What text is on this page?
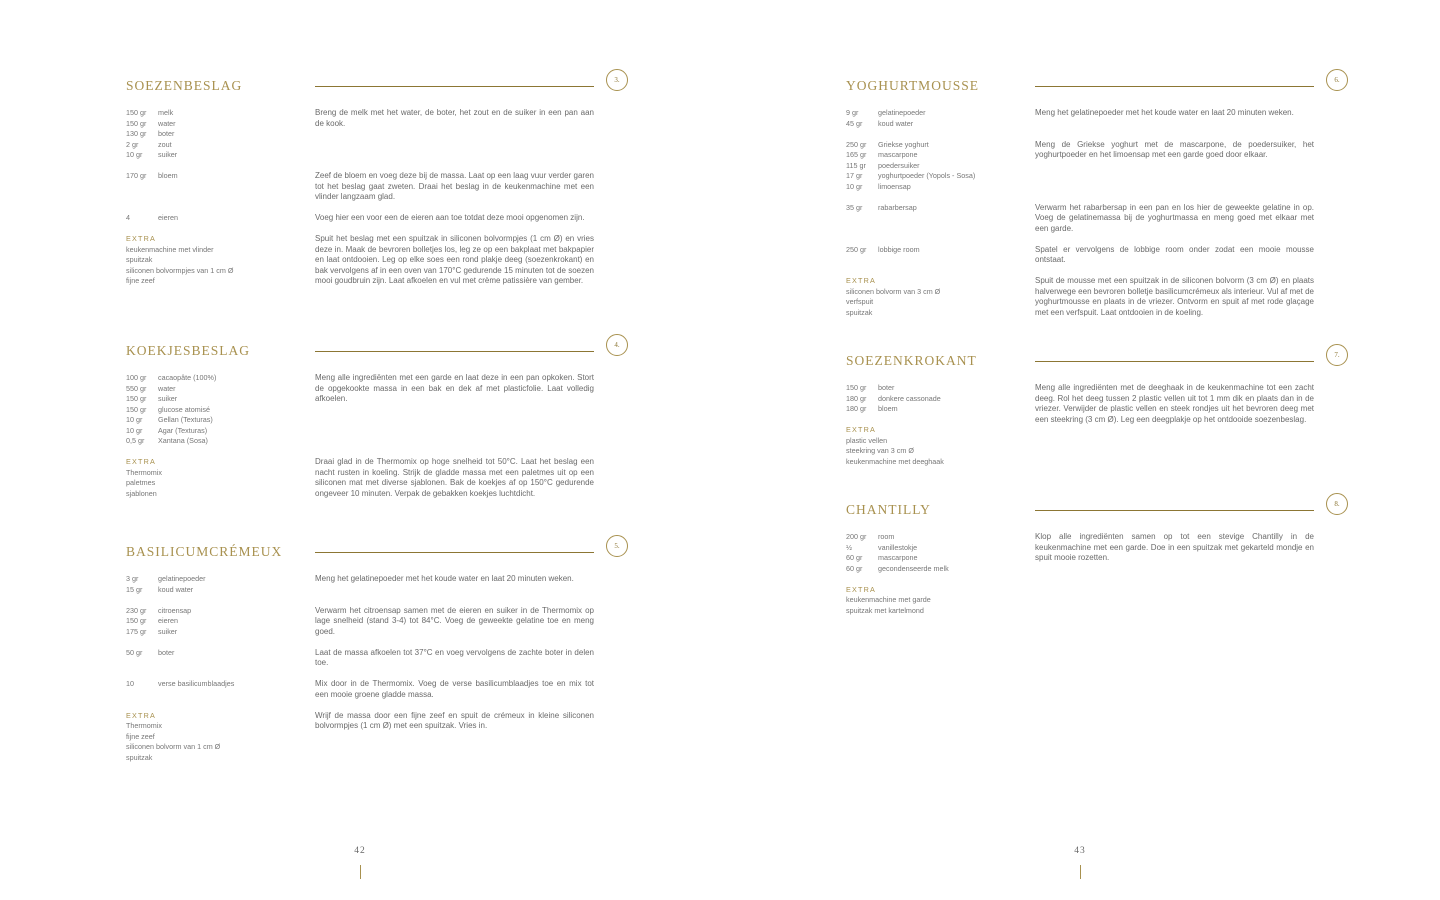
SOEZENBESLAG	3.
150 gr	melk
150 gr	water
130 gr	boter
2 gr	zout
10 gr	suiker
Breng de melk met het water, de boter, het zout en de suiker in een pan aan de kook.
170 gr	bloem	Zeef de bloem en voeg deze bij de massa. Laat op een laag vuur verder garen tot het beslag gaat zweten. Draai het beslag in de keukenmachine met een vlinder langzaam glad.
4	eieren	Voeg hier een voor een de eieren aan toe totdat deze mooi opgenomen zijn.
EXTRA
keukenmachine met vlinder
spuitzak
siliconen bolvormpjes van 1 cm Ø
fijne zeef
Spuit het beslag met een spuitzak in siliconen bolvormpjes (1 cm Ø) en vries deze in. Maak de bevroren bolletjes los, leg ze op een bakplaat met bakpapier en laat ontdooien. Leg op elke soes een rond plakje deeg (soezenkrokant) en bak vervolgens af in een oven van 170°C gedurende 15 minuten tot de soezen mooi goudbruin zijn. Laat afkoelen en vul met crème patissière van gember.
KOEKJESBESLAG	4.
100 gr	cacaopâte (100%)
550 gr	water
150 gr	suiker
150 gr	glucose atomisé
10 gr	Gellan (Texturas)
10 gr	Agar (Texturas)
0,5 gr	Xantana (Sosa)
Meng alle ingrediënten met een garde en laat deze in een pan opkoken. Stort de opgekookte massa in een bak en dek af met plasticfolie. Laat volledig afkoelen.
EXTRA
Thermomix
paletmes
sjablonen
Draai glad in de Thermomix op hoge snelheid tot 50°C. Laat het beslag een nacht rusten in koeling. Strijk de gladde massa met een paletmes uit op een siliconen mat met diverse sjablonen. Bak de koekjes af op 150°C gedurende ongeveer 10 minuten. Verpak de gebakken koekjes luchtdicht.
BASILICUMCRÉMEUX	5.
3 gr	gelatinepoeder
15 gr	koud water
Meng het gelatinepoeder met het koude water en laat 20 minuten weken.
230 gr	citroensap
150 gr	eieren
175 gr	suiker
Verwarm het citroensap samen met de eieren en suiker in de Thermomix op lage snelheid (stand 3-4) tot 84°C. Voeg de geweekte gelatine toe en meng goed.
50 gr	boter	Laat de massa afkoelen tot 37°C en voeg vervolgens de zachte boter in delen toe.
10	verse basilicumblaadjes	Mix door in de Thermomix. Voeg de verse basilicumblaadjes toe en mix tot een mooie groene gladde massa.
EXTRA
Thermomix
fijne zeef
siliconen bolvorm van 1 cm Ø
spuitzak
Wrijf de massa door een fijne zeef en spuit de crémeux in kleine siliconen bolvormpjes (1 cm Ø) met een spuitzak. Vries in.
42
YOGHURTMOUSSE	6.
9 gr	gelatinepoeder
45 gr	koud water
Meng het gelatinepoeder met het koude water en laat 20 minuten weken.
250 gr	Griekse yoghurt
165 gr	mascarpone
115 gr	poedersuiker
17 gr	yoghurtpoeder (Yopols - Sosa)
10 gr	limoensap
Meng de Griekse yoghurt met de mascarpone, de poedersuiker, het yoghurtpoeder en het limoensap met een garde goed door elkaar.
35 gr	rabarbersap	Verwarm het rabarbersap in een pan en los hier de geweekte gelatine in op. Voeg de gelatinemassa bij de yoghurtmassa en meng goed met elkaar met een garde.
250 gr	lobbige room	Spatel er vervolgens de lobbige room onder zodat een mooie mousse ontstaat.
EXTRA
siliconen bolvorm van 3 cm Ø
verfspuit
spuitzak
Spuit de mousse met een spuitzak in de siliconen bolvorm (3 cm Ø) en plaats halverwege een bevroren bolletje basilicumcrémeux als interieur. Vul af met de yoghurtmousse en plaats in de vriezer. Ontvorm en spuit af met rode glaçage met een verfspuit. Laat ontdooien in de koeling.
SOEZENKROKANT	7.
150 gr	boter
180 gr	donkere cassonade
180 gr	bloem
EXTRA
plastic vellen
steekring van 3 cm Ø
keukenmachine met deeghaak
Meng alle ingrediënten met de deeghaak in de keukenmachine tot een zacht deeg. Rol het deeg tussen 2 plastic vellen uit tot 1 mm dik en plaats dan in de vriezer. Verwijder de plastic vellen en steek rondjes uit het bevroren deeg met een steekring (3 cm Ø). Leg een deegplakje op het ontdooide soezenbeslag.
CHANTILLY	8.
200 gr	room
½	vanillestokje
60 gr	mascarpone
60 gr	gecondenseerde melk
EXTRA
keukenmachine met garde
spuitzak met kartelmond
Klop alle ingrediënten samen op tot een stevige Chantilly in de keukenmachine met een garde. Doe in een spuitzak met gekarteld mondje en spuit mooie rozetten.
43
